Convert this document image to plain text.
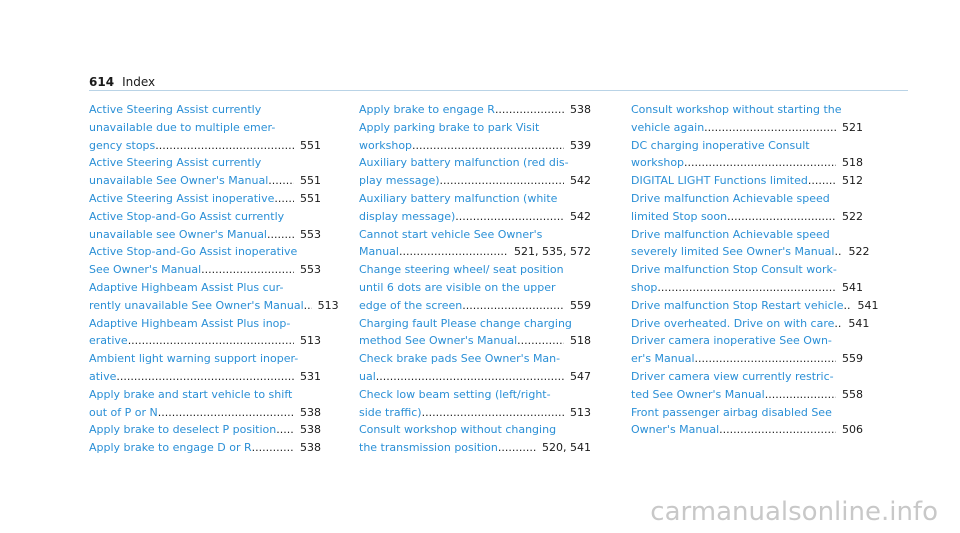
614 Index
Active Steering Assist currently
unavailable due to multiple emer-
gency stops .....	551
Active Steering Assist currently
unavailable See Owner's Manual .....	551
Active Steering Assist inoperative ..... 551
Active Stop-and-Go Assist currently
unavailable see Owner's Manual .....	553
Active Stop-and-Go Assist inoperative
See Owner's Manual .....	553
Adaptive Highbeam Assist Plus cur-
rently unavailable See Owner's Manual ..... 513
Adaptive Highbeam Assist Plus inop-
erative .....	513
Ambient light warning support inoper-
ative .....	531
Apply brake and start vehicle to shift
out of P or N .....	538
Apply brake to deselect P position ..... 538
Apply brake to engage D or R .....	538
Apply brake to engage R .....	538
Apply parking brake to park Visit
workshop .....	539
Auxiliary battery malfunction (red dis-
play message) .....	542
Auxiliary battery malfunction (white
display message) .....	542
Cannot start vehicle See Owner's
Manual .....	521, 535, 572
Change steering wheel/ seat position
until 6 dots are visible on the upper
edge of the screen .....	559
Charging fault Please change charging
method See Owner's Manual .....	518
Check brake pads See Owner's Man-
ual .....	547
Check low beam setting (left/right-
side traffic) .....	513
Consult workshop without changing
the transmission position .....	520, 541
Consult workshop without starting the
vehicle again .....	521
DC charging inoperative Consult
workshop .....	518
DIGITAL LIGHT Functions limited .....	512
Drive malfunction Achievable speed
limited Stop soon .....	522
Drive malfunction Achievable speed
severely limited See Owner's Manual ..... 522
Drive malfunction Stop Consult work-
shop .....	541
Drive malfunction Stop Restart vehicle ..... 541
Drive overheated. Drive on with care ..... 541
Driver camera inoperative See Own-
er's Manual .....	559
Driver camera view currently restric-
ted See Owner's Manual .....	558
Front passenger airbag disabled See
Owner's Manual .....	506
carmanualsonline.info
